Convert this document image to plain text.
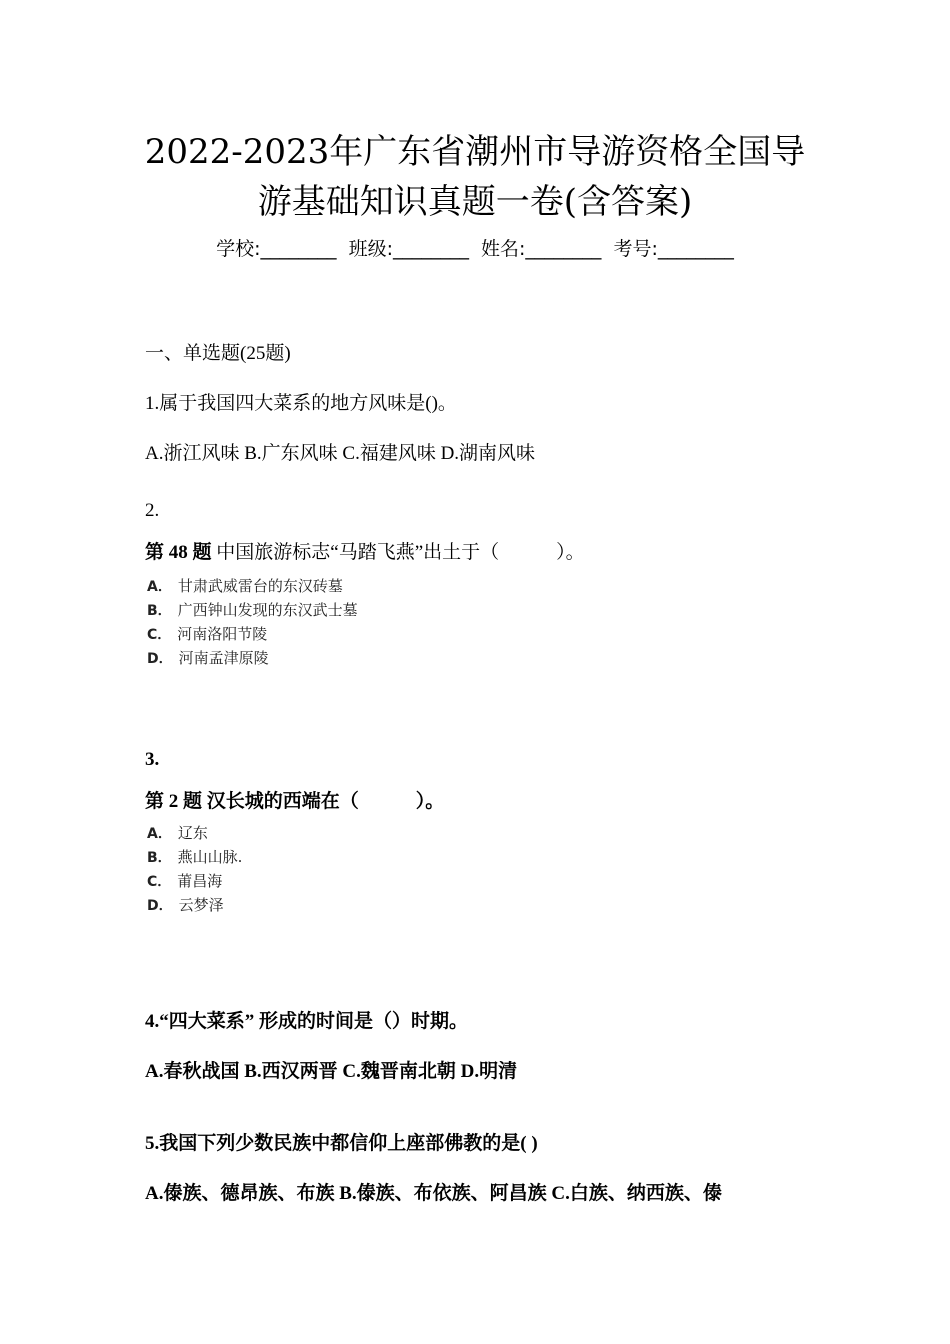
2022-2023年广东省潮州市导游资格全国导
游基础知识真题一卷(含答案)
学校:________ 班级:________ 姓名:________ 考号:________
一、单选题(25题)
1.属于我国四大菜系的地方风味是()。
A.浙江风味 B.广东风味 C.福建风味 D.湖南风味
2.
第 48 题 中国旅游标志“马踏飞燕”出土于（　　　）。
A． 甘肃武威雷台的东汉砖墓
B． 广西钟山发现的东汉武士墓
C． 河南洛阳节陵
D． 河南孟津原陵
3.
第 2 题 汉长城的西端在（　　　）。
A． 辽东
B． 燕山山脉.
C． 莆昌海
D． 云梦泽
4.“四大菜系” 形成的时间是（）时期。
A.春秋战国 B.西汉两晋 C.魏晋南北朝 D.明清
5.我国下列少数民族中都信仰上座部佛教的是( )
A.傣族、德昂族、布族 B.傣族、布依族、阿昌族 C.白族、纳西族、傣
